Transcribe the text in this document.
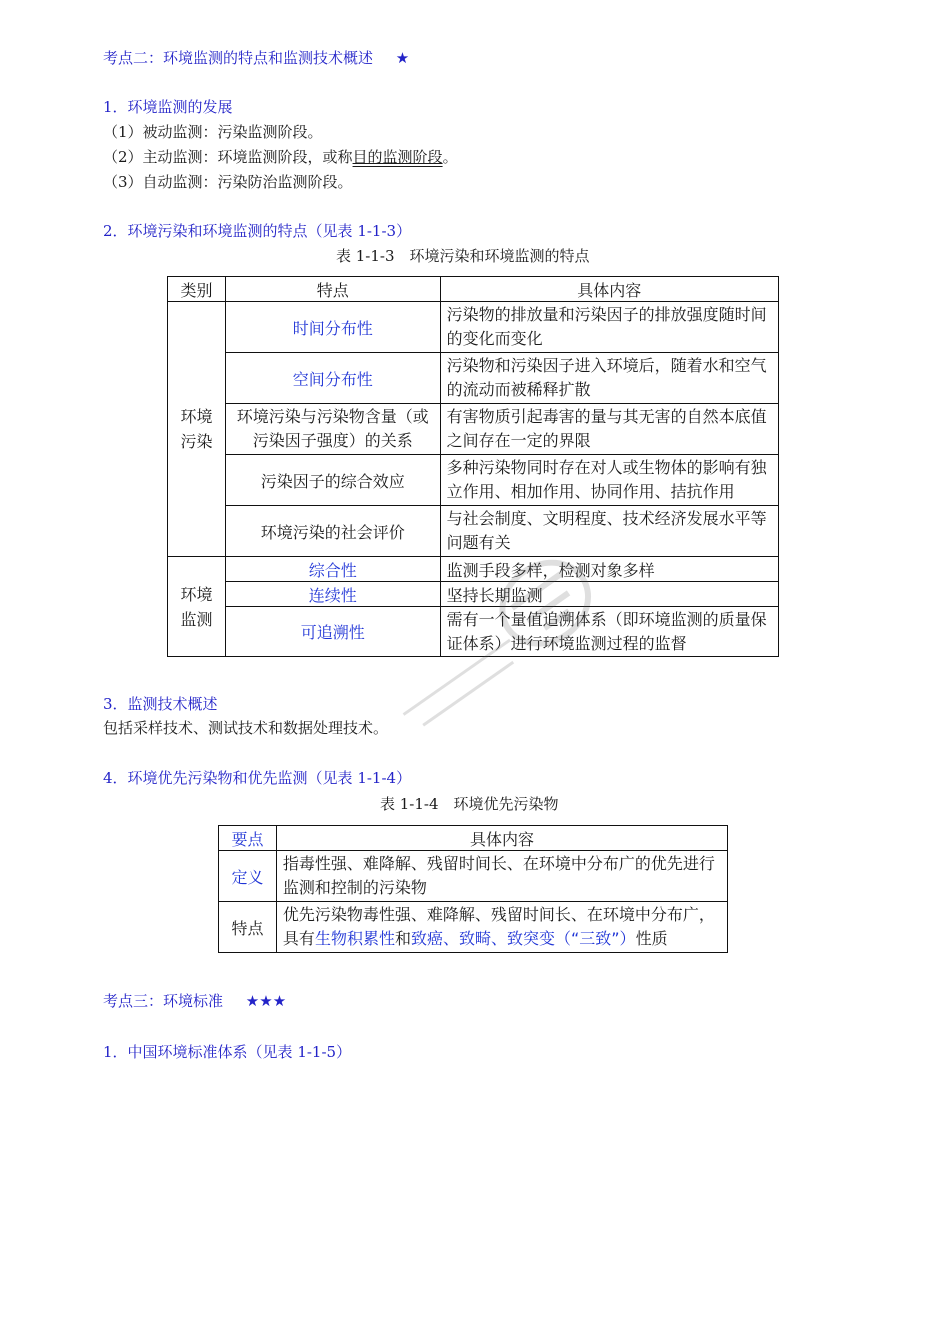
考点二：环境监测的特点和监测技术概述 ★
1．环境监测的发展
（1）被动监测：污染监测阶段。
（2）主动监测：环境监测阶段，或称目的监测阶段。
（3）自动监测：污染防治监测阶段。
2．环境污染和环境监测的特点（见表 1-1-3）
表 1-1-3　环境污染和环境监测的特点
类别	特点	具体内容
环境
污染	时间分布性	污染物的排放量和污染因子的排放强度随时间的变化而变化
	空间分布性	污染物和污染因子进入环境后，随着水和空气的流动而被稀释扩散
	环境污染与污染物含量（或污染因子强度）的关系	有害物质引起毒害的量与其无害的自然本底值之间存在一定的界限
	污染因子的综合效应	多种污染物同时存在对人或生物体的影响有独立作用、相加作用、协同作用、拮抗作用
	环境污染的社会评价	与社会制度、文明程度、技术经济发展水平等问题有关
环境
监测	综合性	监测手段多样，检测对象多样
	连续性	坚持长期监测
	可追溯性	需有一个量值追溯体系（即环境监测的质量保证体系）进行环境监测过程的监督
3．监测技术概述
包括采样技术、测试技术和数据处理技术。
4．环境优先污染物和优先监测（见表 1-1-4）
表 1-1-4　环境优先污染物
要点	具体内容
定义	指毒性强、难降解、残留时间长、在环境中分布广的优先进行监测和控制的污染物
特点	优先污染物毒性强、难降解、残留时间长、在环境中分布广，具有生物积累性和致癌、致畸、致突变（“三致”）性质
考点三：环境标准 ★★★
1．中国环境标准体系（见表 1-1-5）
